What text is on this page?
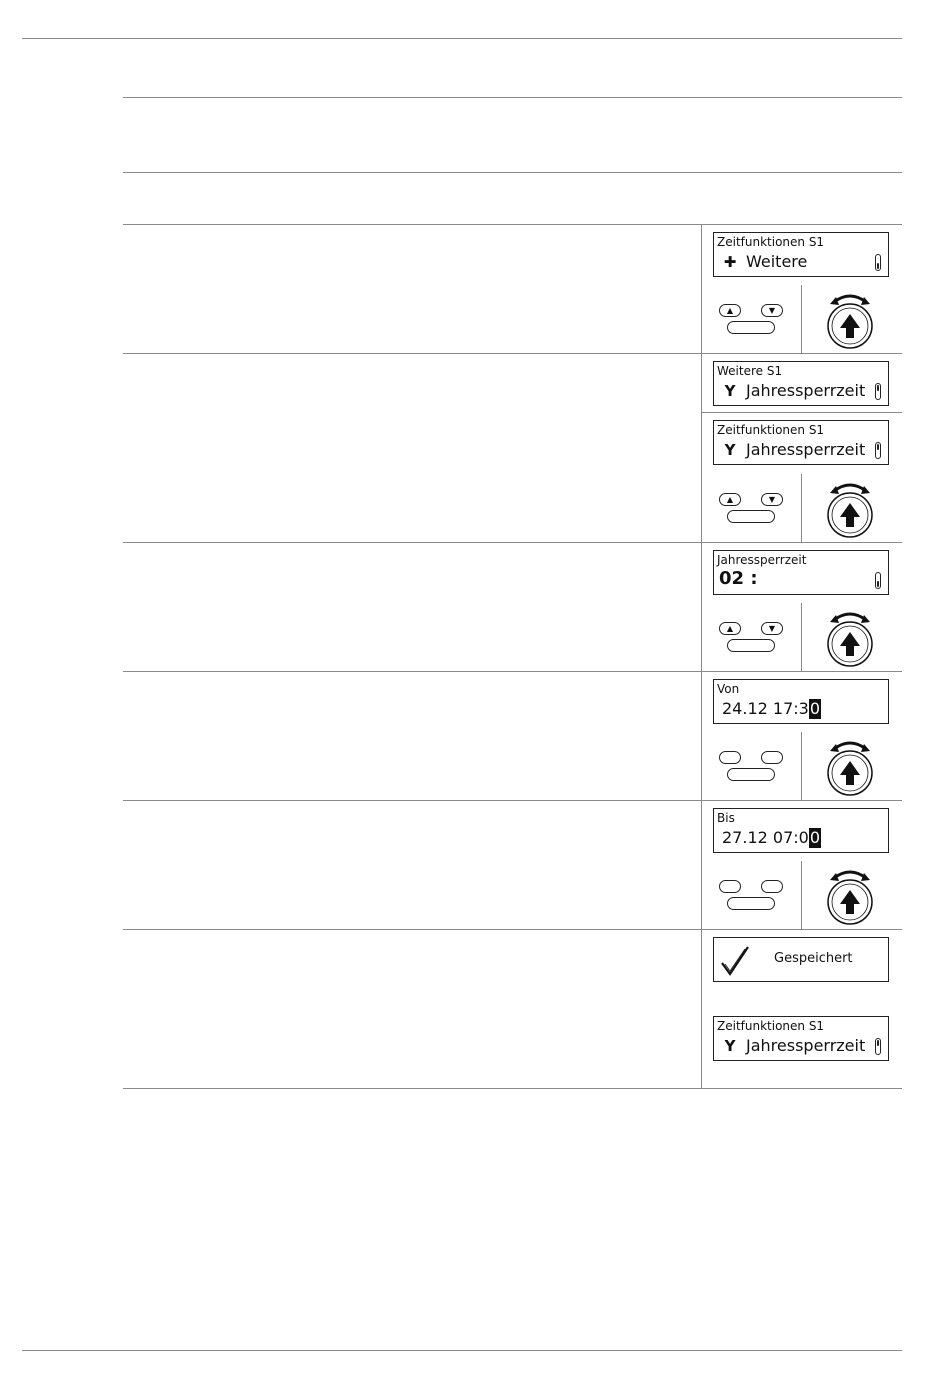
Zeitfunktionen S1
✚ Weitere
▲	▼
Weitere S1
Y Jahressperrzeit
Zeitfunktionen S1
Y Jahressperrzeit
▲	▼
Jahressperrzeit
02 :
▲	▼
Von
24.12 17:3 0
Bis
27.12 07:0 0
Gespeichert
Zeitfunktionen S1
Y Jahressperrzeit
